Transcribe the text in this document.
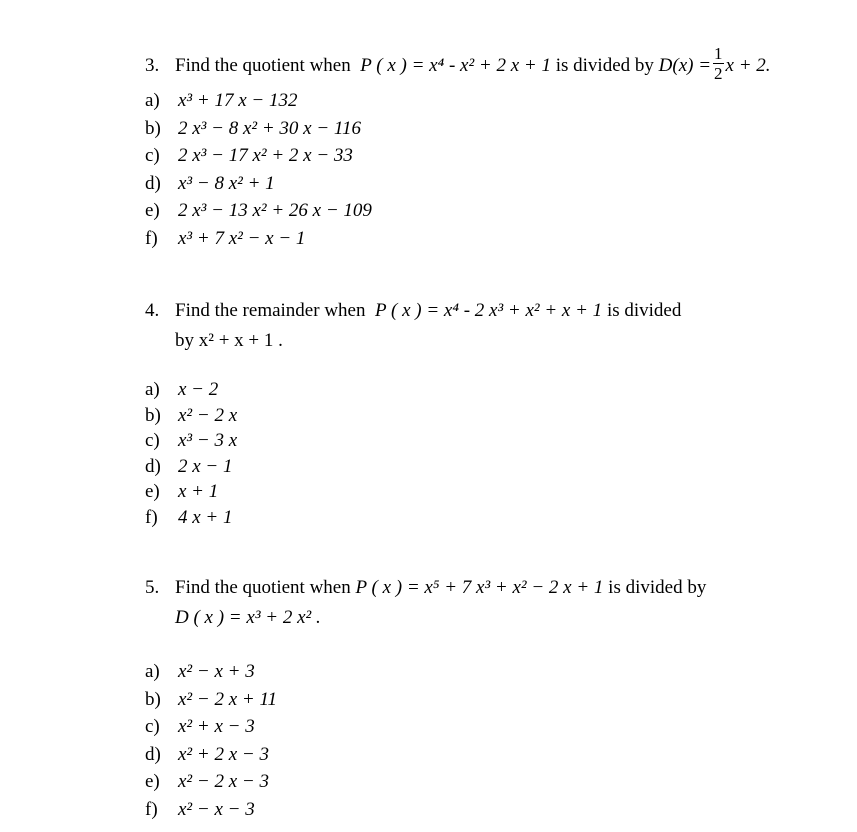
3. Find the quotient when P ( x ) = x⁴ - x² + 2 x + 1 is divided by $D(x) = \frac{1}{2}$ x + 2.
a) x³ + 17 x − 132
b) 2 x³ − 8 x² + 30 x − 116
c) 2 x³ − 17 x² + 2 x − 33
d) x³ − 8 x² + 1
e) 2 x³ − 13 x² + 26 x − 109
f) x³ + 7 x² − x − 1
4. Find the remainder when P ( x ) = x⁴ - 2 x³ + x² + x + 1 is divided
by x² + x + 1 .
a) x − 2
b) x² − 2 x
c) x³ − 3 x
d) 2 x − 1
e) x + 1
f) 4 x + 1
5. Find the quotient when P ( x ) = x⁵ + 7 x³ + x² − 2 x + 1 is divided by
D ( x ) = x³ + 2 x² .
a) x² − x + 3
b) x² − 2 x + 11
c) x² + x − 3
d) x² + 2 x − 3
e) x² − 2 x − 3
f) x² − x − 3
